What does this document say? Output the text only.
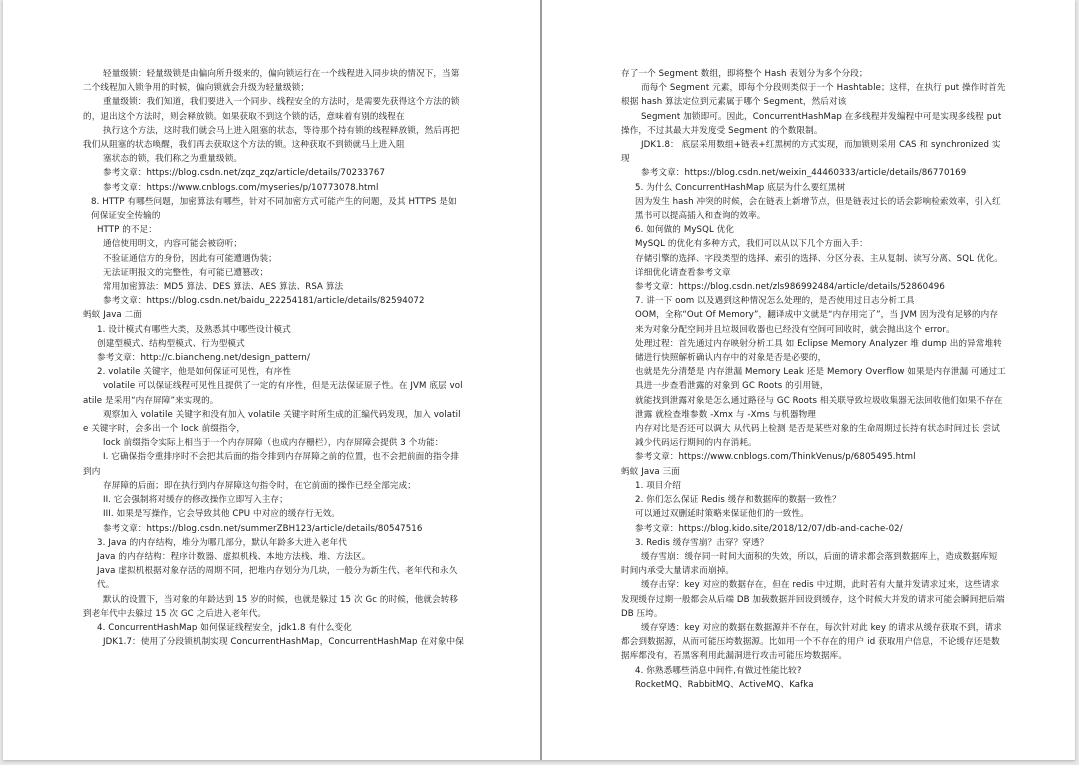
轻量级锁：轻量级锁是由偏向所升级来的，偏向锁运行在一个线程进入同步块的情况下，当第二个线程加入锁争用的时候，偏向锁就会升级为轻量级锁；
重量级锁：我们知道，我们要进入一个同步、线程安全的方法时，是需要先获得这个方法的锁的，退出这个方法时，则会释放锁。如果获取不到这个锁的话，意味着有别的线程在
执行这个方法，这时我们就会马上进入阻塞的状态，等待那个持有锁的线程释放锁，然后再把我们从阻塞的状态唤醒，我们再去获取这个方法的锁。这种获取不到锁就马上进入阻
塞状态的锁，我们称之为重量级锁。
参考文章：https://blog.csdn.net/zqz_zqz/article/details/70233767
参考文章：https://www.cnblogs.com/myseries/p/10773078.html
8. HTTP 有哪些问题，加密算法有哪些，针对不同加密方式可能产生的问题，及其 HTTPS 是如何保证安全传输的
HTTP 的不足：
通信使用明文，内容可能会被窃听；
不验证通信方的身份，因此有可能遭遇伪装；
无法证明报文的完整性，有可能已遭篡改；
常用加密算法：MD5 算法、DES 算法、AES 算法、RSA 算法
参考文章：https://blog.csdn.net/baidu_22254181/article/details/82594072
蚂蚁 Java 二面
1. 设计模式有哪些大类，及熟悉其中哪些设计模式
创建型模式、结构型模式、行为型模式
参考文章：http://c.biancheng.net/design_pattern/
2. volatile 关键字，他是如何保证可见性，有序性
volatile 可以保证线程可见性且提供了一定的有序性，但是无法保证原子性。在 JVM 底层 volatile 是采用“内存屏障”来实现的。
观察加入 volatile 关键字和没有加入 volatile 关键字时所生成的汇编代码发现，加入 volatile 关键字时，会多出一个 lock 前缀指令，
lock 前缀指令实际上相当于一个内存屏障（也成内存栅栏），内存屏障会提供 3 个功能：
I. 它确保指令重排序时不会把其后面的指令排到内存屏障之前的位置，也不会把前面的指令排到内
存屏障的后面；即在执行到内存屏障这句指令时，在它前面的操作已经全部完成；
II. 它会强制将对缓存的修改操作立即写入主存；
III. 如果是写操作，它会导致其他 CPU 中对应的缓存行无效。
参考文章：https://blog.csdn.net/summerZBH123/article/details/80547516
3. Java 的内存结构，堆分为哪几部分，默认年龄多大进入老年代
Java 的内存结构：程序计数器、虚拟机栈、本地方法栈、堆、方法区。
Java 虚拟机根据对象存活的周期不同，把堆内存划分为几块，一般分为新生代、老年代和永久代。
默认的设置下，当对象的年龄达到 15 岁的时候，也就是躲过 15 次 Gc 的时候，他就会转移到老年代中去躲过 15 次 GC 之后进入老年代。
4. ConcurrentHashMap 如何保证线程安全，jdk1.8 有什么变化
JDK1.7：使用了分段锁机制实现 ConcurrentHashMap，ConcurrentHashMap 在对象中保
存了一个 Segment 数组，即将整个 Hash 表划分为多个分段；
而每个 Segment 元素，即每个分段则类似于一个 Hashtable；这样，在执行 put 操作时首先根据 hash 算法定位到元素属于哪个 Segment，然后对该
Segment 加锁即可。因此，ConcurrentHashMap 在多线程并发编程中可是实现多线程 put 操作，不过其最大并发度受 Segment 的个数限制。
JDK1.8： 底层采用数组+链表+红黑树的方式实现，而加锁则采用 CAS 和 synchronized 实现
参考文章：https://blog.csdn.net/weixin_44460333/article/details/86770169
5. 为什么 ConcurrentHashMap 底层为什么要红黑树
因为发生 hash 冲突的时候，会在链表上新增节点，但是链表过长的话会影响检索效率，引入红黑书可以提高插入和查询的效率。
6. 如何做的 MySQL 优化
MySQL 的优化有多种方式，我们可以从以下几个方面入手：
存储引擎的选择、字段类型的选择、索引的选择、分区分表、主从复制、读写分离、SQL 优化。详细优化请查看参考文章
参考文章：https://blog.csdn.net/zls986992484/article/details/52860496
7. 讲一下 oom 以及遇到这种情况怎么处理的，是否使用过日志分析工具
OOM，全称“Out Of Memory”，翻译成中文就是“内存用完了”，当 JVM 因为没有足够的内存来为对象分配空间并且垃圾回收器也已经没有空间可回收时，就会抛出这个 error。
处理过程：首先通过内存映射分析工具 如 Eclipse Memory Analyzer 堆 dump 出的异常堆转储进行快照解析确认内存中的对象是否是必要的，
也就是先分清楚是 内存泄漏 Memory Leak 还是 Memory Overflow 如果是内存泄漏 可通过工具进一步查看泄露的对象到 GC Roots 的引用链，
就能找到泄露对象是怎么通过路径与 GC Roots 相关联导致垃圾收集器无法回收他们如果不存在泄露 就检查堆参数 -Xmx 与 -Xms 与机器物理
内存对比是否还可以调大 从代码上检测 是否是某些对象的生命周期过长持有状态时间过长 尝试减少代码运行期间的内存消耗。
参考文章：https://www.cnblogs.com/ThinkVenus/p/6805495.html
蚂蚁 Java 三面
1. 项目介绍
2. 你们怎么保证 Redis 缓存和数据库的数据一致性？
可以通过双删延时策略来保证他们的一致性。
参考文章：https://blog.kido.site/2018/12/07/db-and-cache-02/
3. Redis 缓存雪崩？击穿？穿透？
缓存雪崩：缓存同一时间大面积的失效，所以，后面的请求都会落到数据库上，造成数据库短时间内承受大量请求而崩掉。
缓存击穿：key 对应的数据存在，但在 redis 中过期，此时若有大量并发请求过来，这些请求发现缓存过期一般都会从后端 DB 加载数据并回设到缓存，这个时候大并发的请求可能会瞬间把后端 DB 压垮。
缓存穿透：key 对应的数据在数据源并不存在，每次针对此 key 的请求从缓存获取不到，请求都会到数据源，从而可能压垮数据源。比如用一个不存在的用户 id 获取用户信息，不论缓存还是数据库都没有，若黑客利用此漏洞进行攻击可能压垮数据库。
4. 你熟悉哪些消息中间件,有做过性能比较?
RocketMQ、RabbitMQ、ActiveMQ、Kafka
